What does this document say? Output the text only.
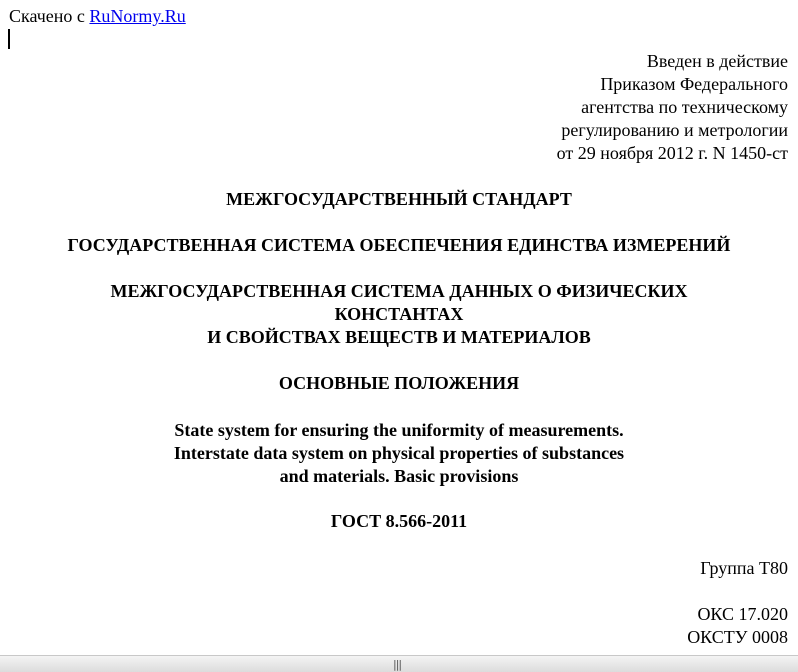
Скачено с RuNormy.Ru
Введен в действие
Приказом Федерального
агентства по техническому
регулированию и метрологии
от 29 ноября 2012 г. N 1450-ст
МЕЖГОСУДАРСТВЕННЫЙ СТАНДАРТ
ГОСУДАРСТВЕННАЯ СИСТЕМА ОБЕСПЕЧЕНИЯ ЕДИНСТВА ИЗМЕРЕНИЙ
МЕЖГОСУДАРСТВЕННАЯ СИСТЕМА ДАННЫХ О ФИЗИЧЕСКИХ
КОНСТАНТАХ
И СВОЙСТВАХ ВЕЩЕСТВ И МАТЕРИАЛОВ
ОСНОВНЫЕ ПОЛОЖЕНИЯ
State system for ensuring the uniformity of measurements.
Interstate data system on physical properties of substances
and materials. Basic provisions
ГОСТ 8.566-2011
Группа Т80
ОКС 17.020
ОКСТУ 0008
|||
